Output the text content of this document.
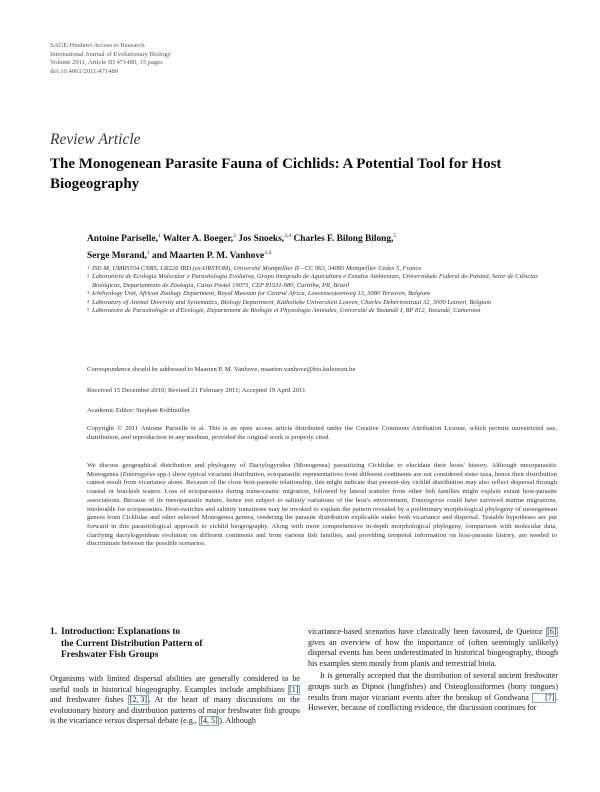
SAGE-Hindawi Access to Research
International Journal of Evolutionary Biology
Volume 2011, Article ID 471480, 15 pages
doi:10.4061/2011/471480
Review Article
The Monogenean Parasite Fauna of Cichlids: A Potential Tool for Host Biogeography
Antoine Pariselle,$^1$ Walter A. Boeger,$^2$ Jos Snoeks,$^{3,4}$ Charles F. Bilong Bilong,$^5$
Serge Morand,$^1$ and Maarten P. M. Vanhove$^{3,4}$
1 ISE-M, UMR5554 CNRS, UR226 IRD (ex-ORSTOM), Université Montpellier II—CC 063, 34095 Montpellier Cedex 5, France
2 Laboratório de Ecologia Molecular e Parasitologia Evolutiva, Grupo Integrado de Aquicultura e Estudos Ambientais, Universidade Federal do Paraná, Setor de Ciências Biológicas, Departamento de Zoologia, Caixa Postal 19073, CEP 81531-980, Curitiba, PR, Brazil
3 Ichthyology Unit, African Zoology Department, Royal Museum for Central Africa, Leuvensesteenweg 13, 3080 Tervuren, Belgium
4 Laboratory of Animal Diversity and Systematics, Biology Department, Katholieke Universiteit Leuven, Charles Deberiotstraat 32, 3000 Leuven, Belgium
5 Laboratoire de Parasitologie et d'Ecologie, Département de Biologie et Physiologie Animales, Université de Yaoundé I, BP 812, Yaoundé, Cameroon
Correspondence should be addressed to Maarten P. M. Vanhove, maarten.vanhove@bio.kuleuven.be
Received 15 December 2010; Revised 21 February 2011; Accepted 19 April 2011
Academic Editor: Stephan Koblmüller
Copyright © 2011 Antoine Pariselle et al. This is an open access article distributed under the Creative Commons Attribution License, which permits unrestricted use, distribution, and reproduction in any medium, provided the original work is properly cited.
We discuss geographical distribution and phylogeny of Dactylogyridea (Monogenea) parasitizing Cichlidae to elucidate their hosts' history. Although mesoparasitic Monogenea (Enterogyrus spp.) show typical vicariant distribution, ectoparasitic representatives from different continents are not considered sister taxa, hence their distribution cannot result from vicariance alone. Because of the close host-parasite relationship, this might indicate that present-day cichlid distribution may also reflect dispersal through coastal or brackish waters. Loss of ectoparasites during transoceanic migration, followed by lateral transfer from other fish families might explain extant host-parasite associations. Because of its mesoparasitic nature, hence not subject to salinity variations of the host's environment, Enterogyrus could have survived marine migrations, intolerable for ectoparasites. Host-switches and salinity transitions may be invoked to explain the pattern revealed by a preliminary morphological phylogeny of monogenean genera from Cichlidae and other selected Monogenea genera, rendering the parasite distribution explicable under both vicariance and dispersal. Testable hypotheses are put forward in this parasitological approach to cichlid biogeography. Along with more comprehensive in-depth morphological phylogeny, comparison with molecular data, clarifying dactylogyridean evolution on different continents and from various fish families, and providing temporal information on host-parasite history, are needed to discriminate between the possible scenarios.
1. Introduction: Explanations to
the Current Distribution Pattern of
Freshwater Fish Groups

Organisms with limited dispersal abilities are generally considered to be useful tools in historical biogeography. Examples include amphibians [1] and freshwater fishes [2, 3] . At the heart of many discussions on the evolutionary history and distribution patterns of major freshwater fish groups is the vicariance versus dispersal debate (e.g., [4, 5] ). Although

vicariance-based scenarios have classically been favoured, de Queiroz [6] gives an overview of how the importance of (often seemingly unlikely) dispersal events has been underestimated in historical biogeography, though his examples stem mostly from plants and terrestrial biota.

It is generally accepted that the distribution of several ancient freshwater groups such as Dipnoi (lungfishes) and Osteoglossiformes (bony tongues) results from major vicariant events after the breakup of Gondwana [7] . However, because of conflicting evidence, the discussion continues for
